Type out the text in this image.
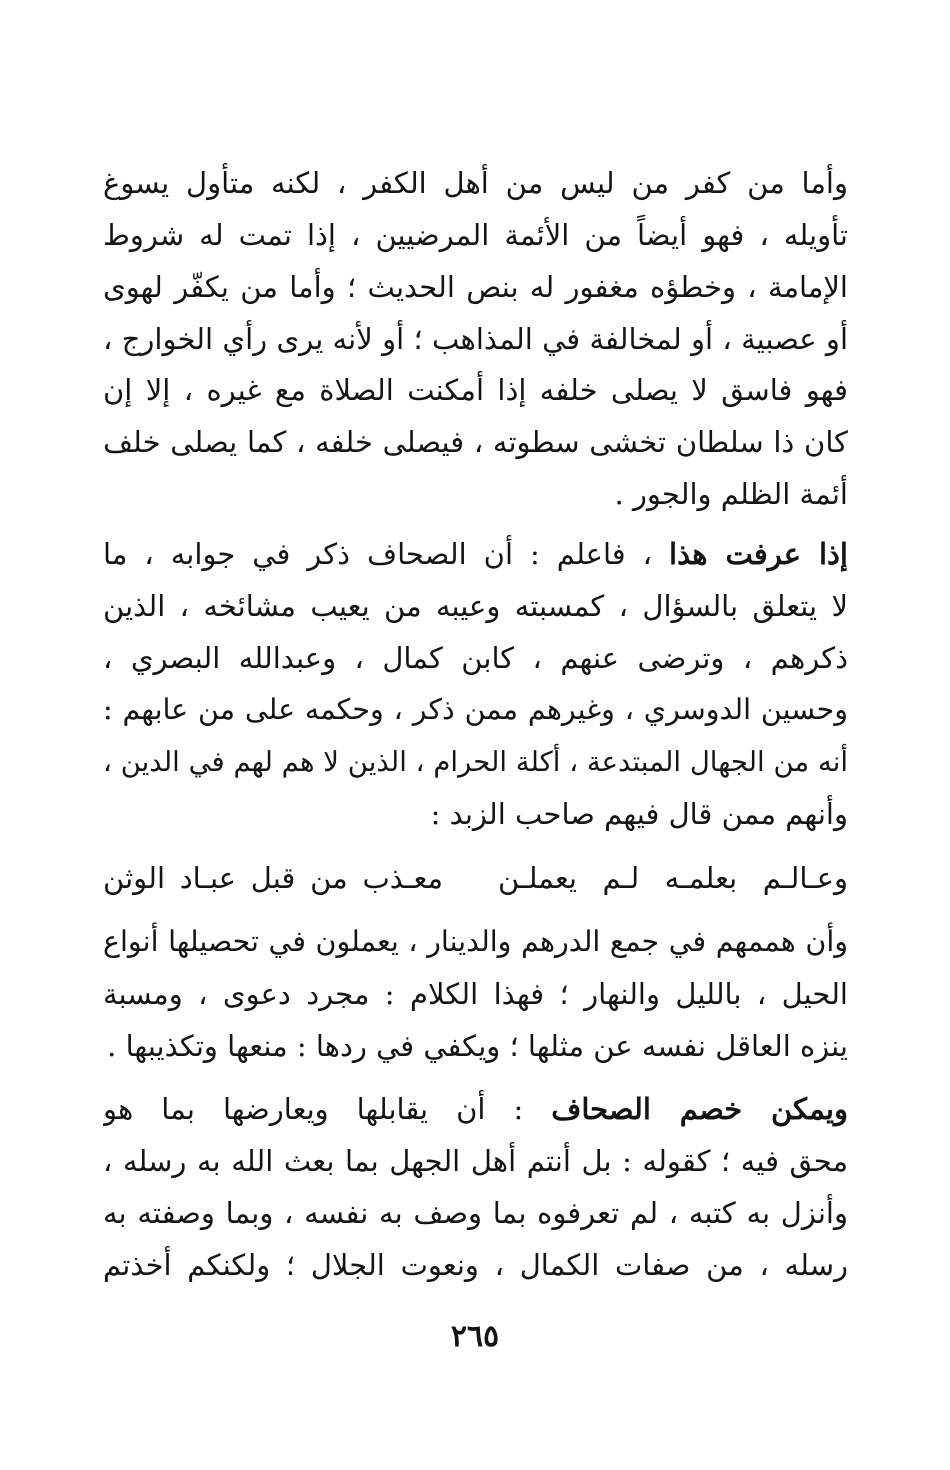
وأما من كفر من ليس من أهل الكفر ، لكنه متأول يسوغ
تأويله ، فهو أيضاً من الأئمة المرضيين ، إذا تمت له شروط
الإمامة ، وخطؤه مغفور له بنص الحديث ؛ وأما من يكفّر لهوى
أو عصبية ، أو لمخالفة في المذاهب ؛ أو لأنه يرى رأي الخوارج ،
فهو فاسق لا يصلى خلفه إذا أمكنت الصلاة مع غيره ، إلا إن
كان ذا سلطان تخشى سطوته ، فيصلى خلفه ، كما يصلى خلف
أئمة الظلم والجور .
إذا عرفت هذا ، فاعلم : أن الصحاف ذكر في جوابه ، ما
لا يتعلق بالسؤال ، كمسبته وعيبه من يعيب مشائخه ، الذين
ذكرهم ، وترضى عنهم ، كابن كمال ، وعبدالله البصري ،
وحسين الدوسري ، وغيرهم ممن ذكر ، وحكمه على من عابهم :
أنه من الجهال المبتدعة ، أكلة الحرام ، الذين لا هم لهم في الدين ،
وأنهم ممن قال فيهم صاحب الزبد :
وعـالـم بعلمـه لـم يعملـن
معـذب من قبل عبـاد الوثن
وأن هممهم في جمع الدرهم والدينار ، يعملون في تحصيلها أنواع
الحيل ، بالليل والنهار ؛ فهذا الكلام : مجرد دعوى ، ومسبة
ينزه العاقل نفسه عن مثلها ؛ ويكفي في ردها : منعها وتكذيبها .
ويمكن خصم الصحاف : أن يقابلها ويعارضها بما هو
محق فيه ؛ كقوله : بل أنتم أهل الجهل بما بعث الله به رسله ،
وأنزل به كتبه ، لم تعرفوه بما وصف به نفسه ، وبما وصفته به
رسله ، من صفات الكمال ، ونعوت الجلال ؛ ولكنكم أخذتم
٢٦٥
